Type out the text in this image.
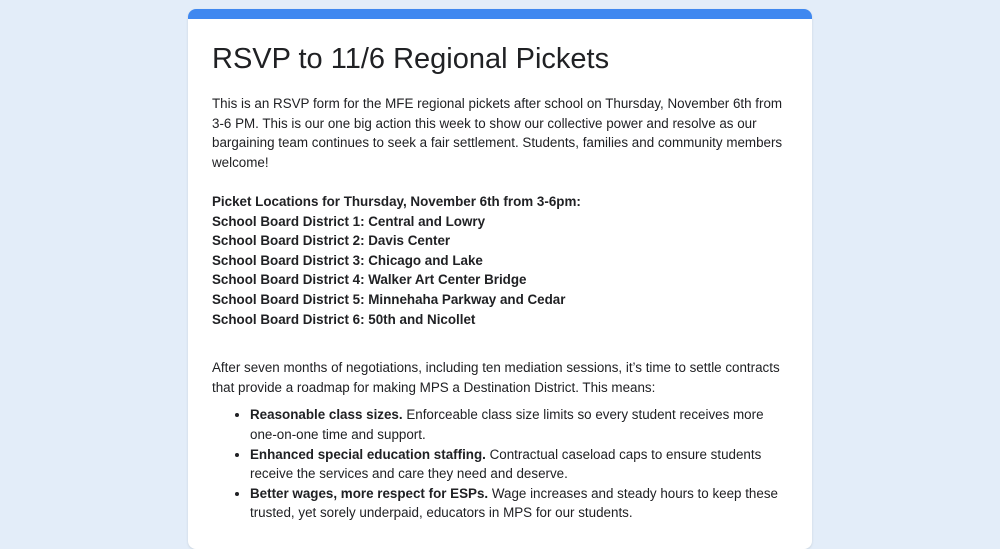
RSVP to 11/6 Regional Pickets

This is an RSVP form for the MFE regional pickets after school on Thursday, November 6th from 3-6 PM. This is our one big action this week to show our collective power and resolve as our bargaining team continues to seek a fair settlement. Students, families and community members welcome!

Picket Locations for Thursday, November 6th from 3-6pm:

School Board District 1: Central and Lowry

School Board District 2: Davis Center

School Board District 3: Chicago and Lake

School Board District 4: Walker Art Center Bridge

School Board District 5: Minnehaha Parkway and Cedar

School Board District 6: 50th and Nicollet

After seven months of negotiations, including ten mediation sessions, it’s time to settle contracts that provide a roadmap for making MPS a Destination District. This means:

• Reasonable class sizes. Enforceable class size limits so every student receives more one-on-one time and support.
• Enhanced special education staffing. Contractual caseload caps to ensure students receive the services and care they need and deserve.
• Better wages, more respect for ESPs. Wage increases and steady hours to keep these trusted, yet sorely underpaid, educators in MPS for our students.
